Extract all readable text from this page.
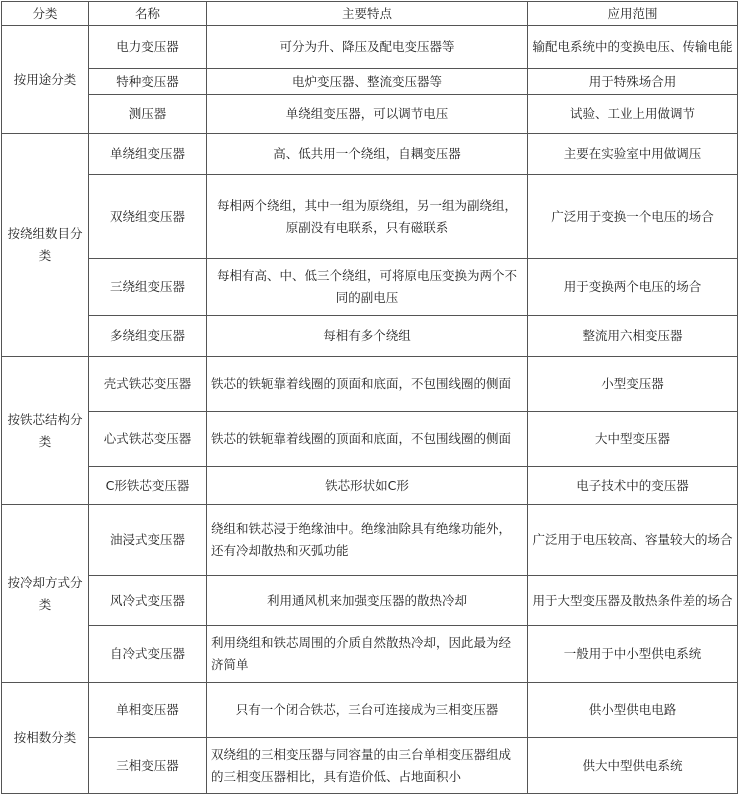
分类	名称	主要特点	应用范围
按用途分类	电力变压器	可分为升、降压及配电变压器等	输配电系统中的变换电压、传输电能
	特种变压器	电炉变压器、整流变压器等	用于特殊场合用
	测压器	单绕组变压器，可以调节电压	试验、工业上用做调节
按绕组数目分类	单绕组变压器	高、低共用一个绕组，自耦变压器	主要在实验室中用做调压
	双绕组变压器	每相两个绕组，其中一组为原绕组，另一组为副绕组，原副没有电联系，只有磁联系	广泛用于变换一个电压的场合
	三绕组变压器	每相有高、中、低三个绕组，可将原电压变换为两个不同的副电压	用于变换两个电压的场合
	多绕组变压器	每相有多个绕组	整流用六相变压器
按铁芯结构分类	壳式铁芯变压器	铁芯的铁轭靠着线圈的顶面和底面，不包围线圈的侧面	小型变压器
	心式铁芯变压器	铁芯的铁轭靠着线圈的顶面和底面，不包围线圈的侧面	大中型变压器
	C形铁芯变压器	铁芯形状如C形	电子技术中的变压器
按冷却方式分类	油浸式变压器	绕组和铁芯浸于绝缘油中。绝缘油除具有绝缘功能外，还有冷却散热和灭弧功能	广泛用于电压较高、容量较大的场合
	风冷式变压器	利用通风机来加强变压器的散热冷却	用于大型变压器及散热条件差的场合
	自冷式变压器	利用绕组和铁芯周围的介质自然散热冷却，因此最为经济简单	一般用于中小型供电系统
按相数分类	单相变压器	只有一个闭合铁芯，三台可连接成为三相变压器	供小型供电电路
	三相变压器	双绕组的三相变压器与同容量的由三台单相变压器组成的三相变压器相比，具有造价低、占地面积小	供大中型供电系统
